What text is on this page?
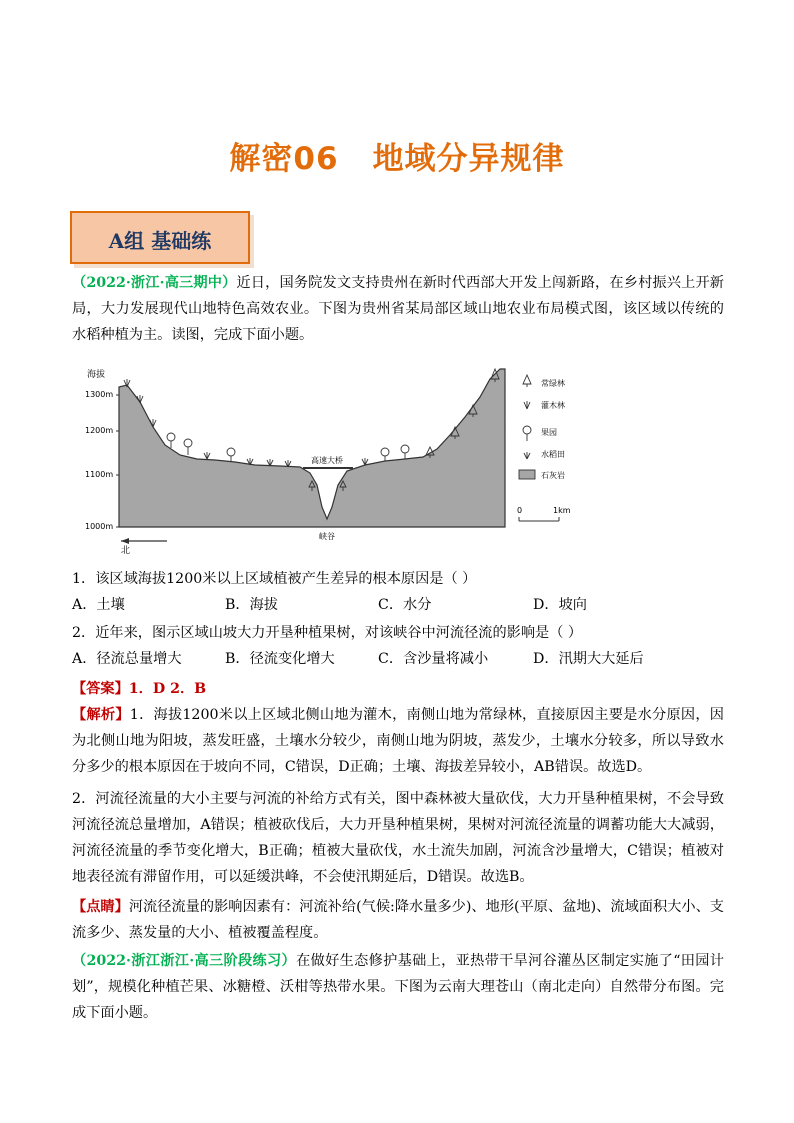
解密06 地域分异规律
A组 基础练
（2022·浙江·高三期中）近日，国务院发文支持贵州在新时代西部大开发上闯新路，在乡村振兴上开新局，大力发展现代山地特色高效农业。下图为贵州省某局部区域山地农业布局模式图，该区域以传统的水稻种植为主。读图，完成下面小题。
海拔
1300m
1200m
1100m
1000m
高速大桥
峡谷
北
常绿林
灌木林
果园
水稻田
石灰岩
0	1km
1．该区域海拔1200米以上区域植被产生差异的根本原因是（ ）
A．土壤	B．海拔	C．水分	D．坡向
2．近年来，图示区域山坡大力开垦种植果树，对该峡谷中河流径流的影响是（ ）
A．径流总量增大	B．径流变化增大	C．含沙量将减小	D．汛期大大延后
【答案】1．D 2．B
【解析】1．海拔1200米以上区域北侧山地为灌木，南侧山地为常绿林，直接原因主要是水分原因，因为北侧山地为阳坡，蒸发旺盛，土壤水分较少，南侧山地为阴坡，蒸发少，土壤水分较多，所以导致水分多少的根本原因在于坡向不同，C错误，D正确；土壤、海拔差异较小，AB错误。故选D。
2．河流径流量的大小主要与河流的补给方式有关，图中森林被大量砍伐，大力开垦种植果树，不会导致河流径流总量增加，A错误；植被砍伐后，大力开垦种植果树，果树对河流径流量的调蓄功能大大减弱，河流径流量的季节变化增大，B正确；植被大量砍伐，水土流失加剧，河流含沙量增大，C错误；植被对地表径流有滞留作用，可以延缓洪峰，不会使汛期延后，D错误。故选B。
【点睛】河流径流量的影响因素有：河流补给(气候:降水量多少)、地形(平原、盆地)、流域面积大小、支流多少、蒸发量的大小、植被覆盖程度。
（2022·浙江浙江·高三阶段练习）在做好生态修护基础上，亚热带干旱河谷灌丛区制定实施了“田园计划”，规模化种植芒果、冰糖橙、沃柑等热带水果。下图为云南大理苍山（南北走向）自然带分布图。完成下面小题。
